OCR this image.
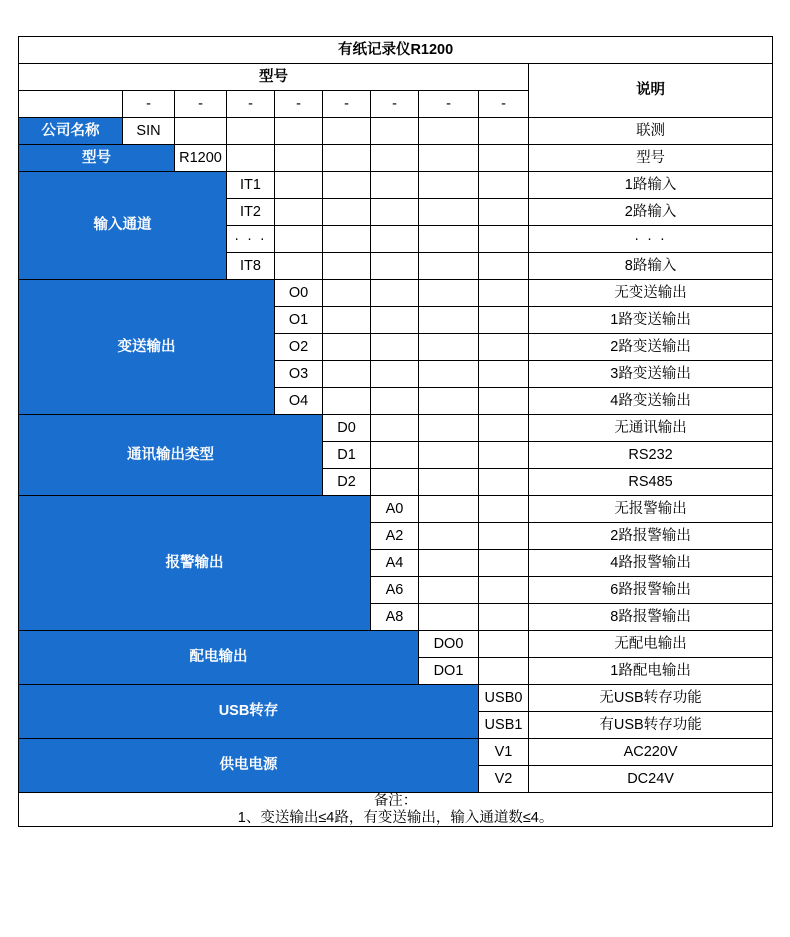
有纸记录仪R1200									
型号									说明
	-	-	-	-	-	-	-	-	
公司名称	SIN								联测
型号		R1200							型号
输入通道			IT1						1路输入
			IT2						2路输入
			· · ·						· · ·
			IT8						8路输入
变送输出				O0					无变送输出
				O1					1路变送输出
				O2					2路变送输出
				O3					3路变送输出
				O4					4路变送输出
通讯输出类型					D0				无通讯输出
					D1				RS232
					D2				RS485
报警输出						A0			无报警输出
						A2			2路报警输出
						A4			4路报警输出
						A6			6路报警输出
						A8			8路报警输出
配电输出							DO0		无配电输出
							DO1		1路配电输出
USB转存								USB0	无USB转存功能
								USB1	有USB转存功能
供电电源								V1	AC220V
								V2	DC24V

备注：
1、变送输出≤4路，有变送输出，输入通道数≤4。									
